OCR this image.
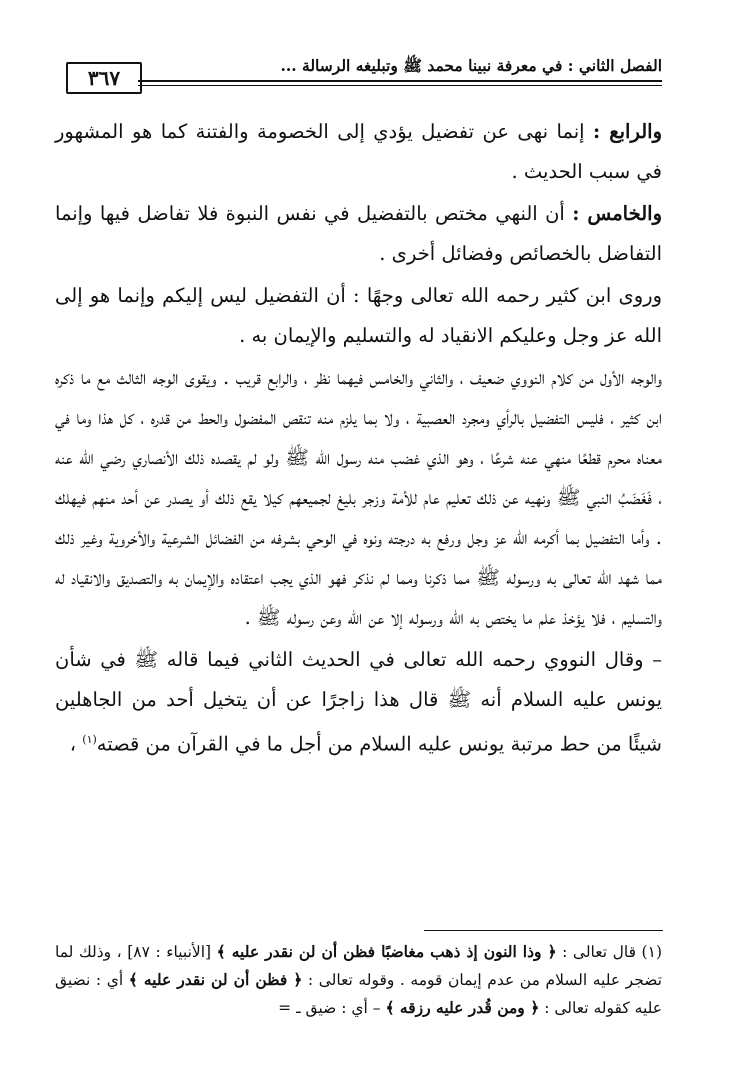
الفصل الثاني : في معرفة نبينا محمد ﷺ وتبليغه الرسالة ...
٣٦٧

والرابع : إنما نهى عن تفضيل يؤدي إلى الخصومة والفتنة كما هو المشهور في سبب الحديث .

والخامس : أن النهي مختص بالتفضيل في نفس النبوة فلا تفاضل فيها وإنما التفاضل بالخصائص وفضائل أخرى .

وروى ابن كثير رحمه الله تعالى وجهًا : أن التفضيل ليس إليكم وإنما هو إلى الله عز وجل وعليكم الانقياد له والتسليم والإيمان به .

والوجه الأول من كلام النووي ضعيف ، والثاني والخامس فيهما نظر ، والرابع قريب . ويقوى الوجه الثالث مع ما ذكره ابن كثير ، فليس التفضيل بالرأي ومجرد العصبية ، ولا بما يلزم منه تنقص المفضول والحط من قدره ، كل هذا وما في معناه محرم قطعًا منهي عنه شرعًا ، وهو الذي غضب منه رسول الله ﷺ ولو لم يقصده ذلك الأنصاري رضي الله عنه ، فَغَضَبُ النبي ﷺ ونهيه عن ذلك تعليم عام للأمة وزجر بليغ لجميعهم كيلا يقع ذلك أو يصدر عن أحد منهم فيهلك . وأما التفضيل بما أكرمه الله عز وجل ورفع به درجته ونوه في الوحي بشرفه من الفضائل الشرعية والأخروية وغير ذلك مما شهد الله تعالى به ورسوله ﷺ مما ذكرنا ومما لم نذكر فهو الذي يجب اعتقاده والإيمان به والتصديق والانقياد له والتسليم ، فلا يؤخذ علم ما يختص به الله ورسوله إلا عن الله وعن رسوله ﷺ .

– وقال النووي رحمه الله تعالى في الحديث الثاني فيما قاله ﷺ في شأن يونس عليه السلام أنه ﷺ قال هذا زاجرًا عن أن يتخيل أحد من الجاهلين شيئًا من حط مرتبة يونس عليه السلام من أجل ما في القرآن من قصته$^{(١)}$ ،

(١) قال تعالى : ﴿ وذا النون إذ ذهب مغاضبًا فظن أن لن نقدر عليه ﴾ [الأنبياء : ٨٧] ، وذلك لما تضجر عليه السلام من عدم إيمان قومه . وقوله تعالى : ﴿ فظن أن لن نقدر عليه ﴾ أي : نضيق عليه كقوله تعالى : ﴿ ومن قُدر عليه رزقه ﴾ – أي : ضيق ـ =
